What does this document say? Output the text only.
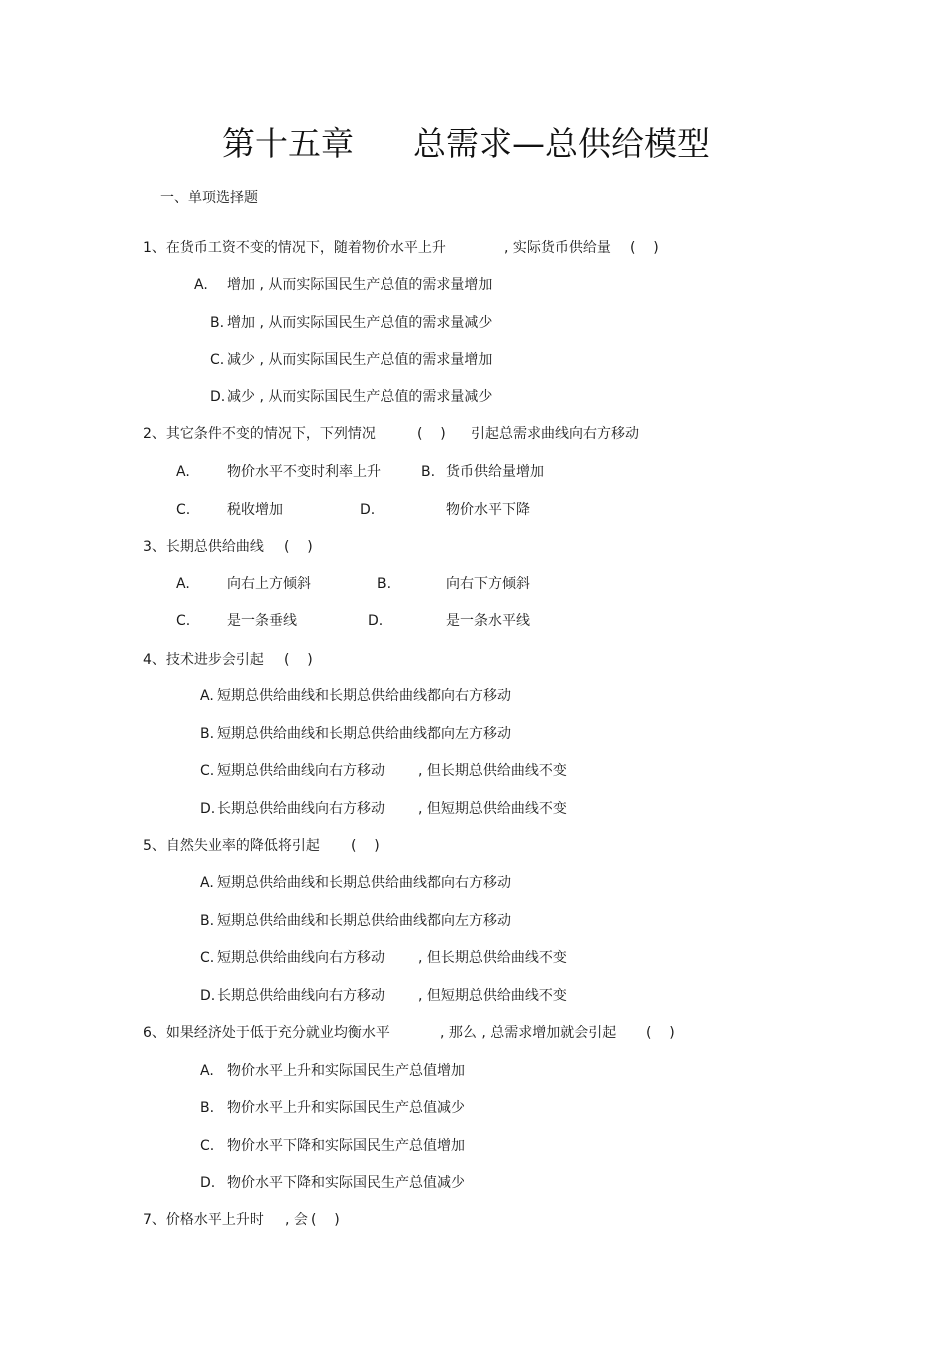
第十五章 总需求—总供给模型
一、单项选择题
1、在货币工资不变的情况下，随着物价水平上升	, 实际货币供给量 (    )
A. 增加 , 从而实际国民生产总值的需求量增加
B. 增加 , 从而实际国民生产总值的需求量减少
C. 减少 , 从而实际国民生产总值的需求量增加
D. 减少 , 从而实际国民生产总值的需求量减少
2、其它条件不变的情况下，下列情况	(    ) 引起总需求曲线向右方移动
A.	物价水平不变时利率上升	B. 货币供给量增加
C.	税收增加	D.	物价水平下降
3、长期总供给曲线 (    )
A.	向右上方倾斜	B.	向右下方倾斜
C.	是一条垂线	D.	是一条水平线
4、技术进步会引起 (    )
A. 短期总供给曲线和长期总供给曲线都向右方移动
B. 短期总供给曲线和长期总供给曲线都向左方移动
C. 短期总供给曲线向右方移动 , 但长期总供给曲线不变
D. 长期总供给曲线向右方移动 , 但短期总供给曲线不变
5、自然失业率的降低将引起 (    )
A. 短期总供给曲线和长期总供给曲线都向右方移动
B. 短期总供给曲线和长期总供给曲线都向左方移动
C. 短期总供给曲线向右方移动 , 但长期总供给曲线不变
D. 长期总供给曲线向右方移动 , 但短期总供给曲线不变
6、如果经济处于低于充分就业均衡水平	, 那么 , 总需求增加就会引起 (    )
A. 物价水平上升和实际国民生产总值增加
B. 物价水平上升和实际国民生产总值减少
C. 物价水平下降和实际国民生产总值增加
D. 物价水平下降和实际国民生产总值减少
7、价格水平上升时 , 会 (    )
